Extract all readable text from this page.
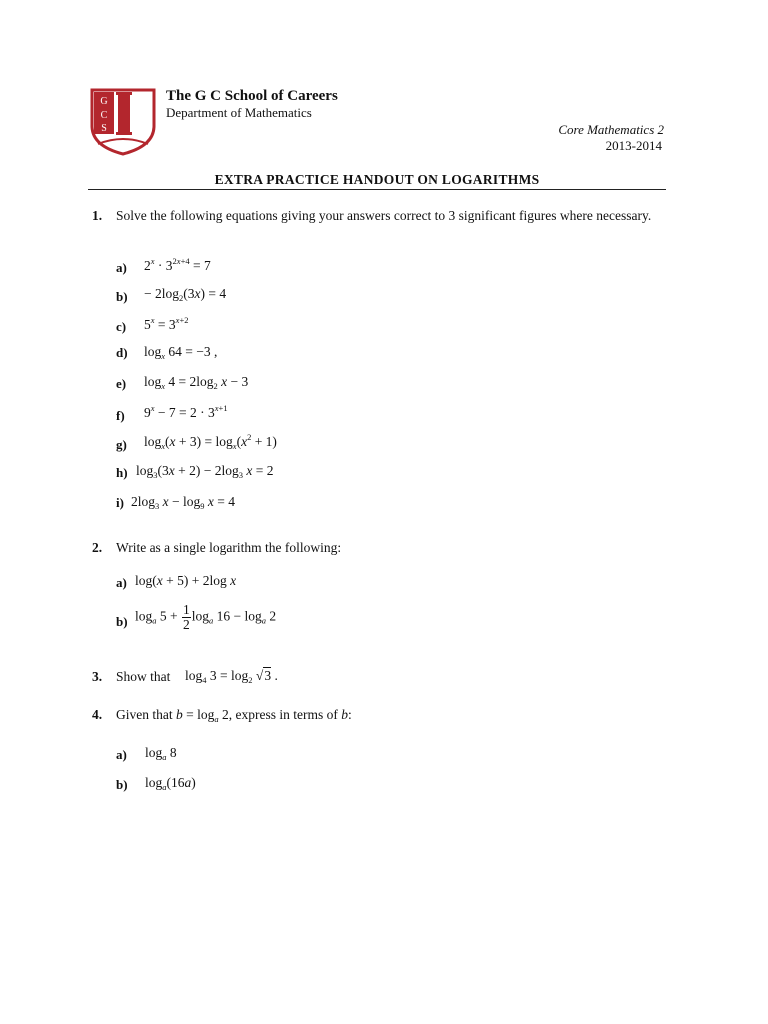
G
C
S
The G C School of Careers
Department of Mathematics
Core Mathematics 2
2013-2014
EXTRA PRACTICE HANDOUT ON LOGARITHMS
1. Solve the following equations giving your answers correct to 3 significant figures where necessary.
a) $2^x \cdot 3^{2x+4} = 7$
$b) - 2\log_2(3x) = 4$
c) $5^x = 3^{x+2}$
d) $\log_x 64 = -3$ ,
e) $\log_x 4 = 2\log_2$ x − 3
f) $9^x - 7 = 2 \cdot 3^{x+1}$
g) $\log_x(x + 3) = \log_x(x^2 + 1)$
h) $\log_3(3x + 2) - 2\log_3$ x = 2
i) $2\log_3$ $x - \log_9 x = 4$
2. Write as a single logarithm the following:
a) log(x + 5) + 2log x
b) $\log_a 5 + \frac{1}{2} \log_a 16 - \log_a 2$
3. Show that $\log_4 3 = \log_2 √3$ .
4. Given that $b = \log_a 2$, express in terms of b:
a) $\log_a 8$
b) $\log_a(16a)$
